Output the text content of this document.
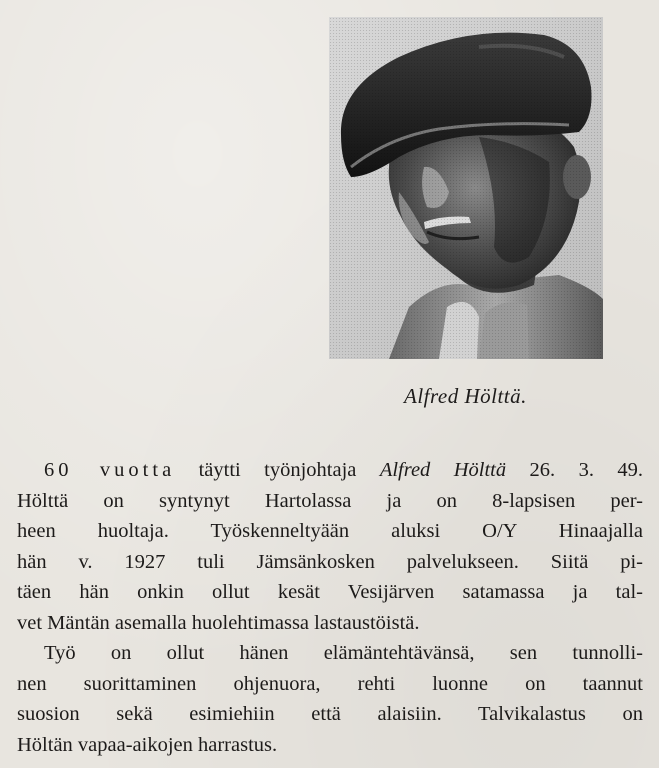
Alfred Hölttä.
60 vuotta täytti työnjohtaja Alfred Hölttä 26. 3. 49.
Hölttä on syntynyt Hartolassa ja on 8-lapsisen per-
heen huoltaja. Työskenneltyään aluksi O/Y Hinaajalla
hän v. 1927 tuli Jämsänkosken palvelukseen. Siitä pi-
täen hän onkin ollut kesät Vesijärven satamassa ja tal-
vet Mäntän asemalla huolehtimassa lastaustöistä.
Työ on ollut hänen elämäntehtävänsä, sen tunnolli-
nen suorittaminen ohjenuora, rehti luonne on taannut
suosion sekä esimiehiin että alaisiin. Talvikalastus on
Höltän vapaa-aikojen harrastus.
